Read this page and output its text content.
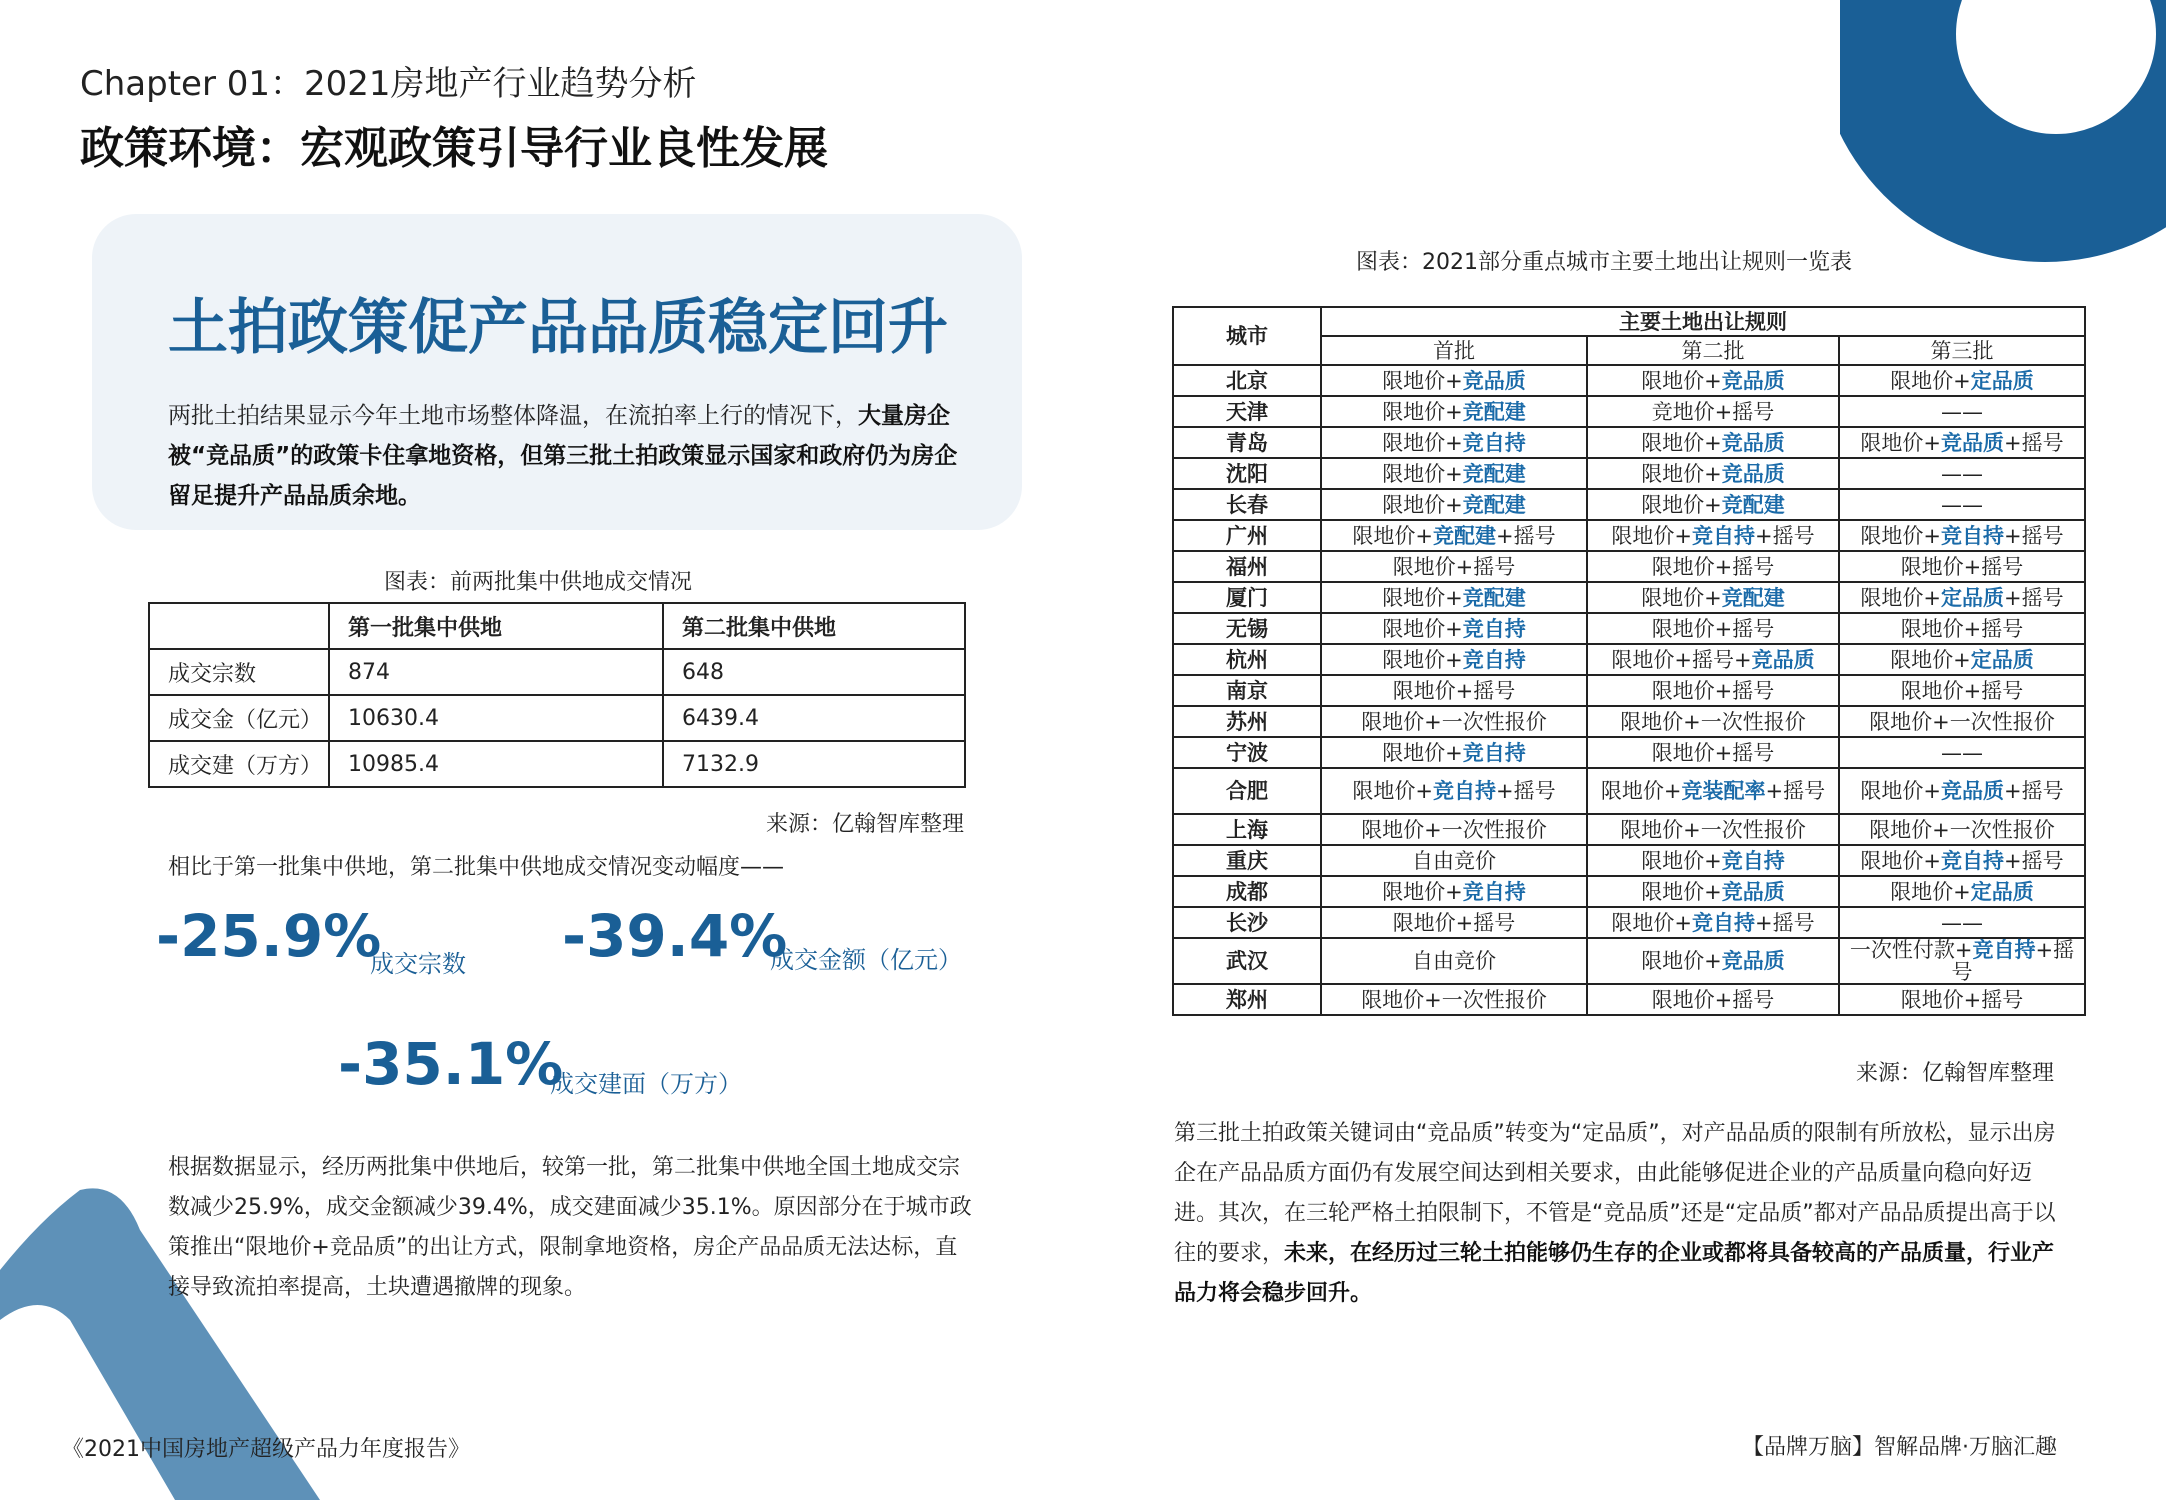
Chapter 01：2021房地产行业趋势分析
政策环境：宏观政策引导行业良性发展
土拍政策促产品品质稳定回升
两批土拍结果显示今年土地市场整体降温，在流拍率上行的情况下，大量房企被“竞品质”的政策卡住拿地资格，但第三批土拍政策显示国家和政府仍为房企留足提升产品品质余地。
图表：前两批集中供地成交情况
	第一批集中供地	第二批集中供地
成交宗数	874	648
成交金（亿元）	10630.4	6439.4
成交建（万方）	10985.4	7132.9
来源：亿翰智库整理
相比于第一批集中供地，第二批集中供地成交情况变动幅度——
-25.9%
成交宗数 -39.4%
成交金额（亿元）
-35.1%
成交建面（万方）
根据数据显示，经历两批集中供地后，较第一批，第二批集中供地全国土地成交宗数减少25.9%，成交金额减少39.4%，成交建面减少35.1%。原因部分在于城市政策推出“限地价+竞品质”的出让方式，限制拿地资格，房企产品品质无法达标，直接导致流拍率提高，土块遭遇撤牌的现象。
图表：2021部分重点城市主要土地出让规则一览表
城市	主要土地出让规则		
	首批	第二批	第三批
北京	限地价+竞品质	限地价+竞品质	限地价+定品质
天津	限地价+竞配建	竞地价+摇号	——
青岛	限地价+竞自持	限地价+竞品质	限地价+竞品质+摇号
沈阳	限地价+竞配建	限地价+竞品质	——
长春	限地价+竞配建	限地价+竞配建	——
广州	限地价+竞配建+摇号	限地价+竞自持+摇号	限地价+竞自持+摇号
福州	限地价+摇号	限地价+摇号	限地价+摇号
厦门	限地价+竞配建	限地价+竞配建	限地价+定品质+摇号
无锡	限地价+竞自持	限地价+摇号	限地价+摇号
杭州	限地价+竞自持	限地价+摇号+竞品质	限地价+定品质
南京	限地价+摇号	限地价+摇号	限地价+摇号
苏州	限地价+一次性报价	限地价+一次性报价	限地价+一次性报价
宁波	限地价+竞自持	限地价+摇号	——
合肥	限地价+竞自持+摇号	限地价+竞装配率+摇号	限地价+竞品质+摇号
上海	限地价+一次性报价	限地价+一次性报价	限地价+一次性报价
重庆	自由竞价	限地价+竞自持	限地价+竞自持+摇号
成都	限地价+竞自持	限地价+竞品质	限地价+定品质
长沙	限地价+摇号	限地价+竞自持+摇号	——
武汉	自由竞价	限地价+竞品质	一次性付款+竞自持+摇号
郑州	限地价+一次性报价	限地价+摇号	限地价+摇号
来源：亿翰智库整理
第三批土拍政策关键词由“竞品质”转变为“定品质”，对产品品质的限制有所放松，显示出房企在产品品质方面仍有发展空间达到相关要求，由此能够促进企业的产品质量向稳向好迈进。其次，在三轮严格土拍限制下，不管是“竞品质”还是“定品质”都对产品品质提出高于以往的要求，未来，在经历过三轮土拍能够仍生存的企业或都将具备较高的产品质量，行业产品力将会稳步回升。
《2021中国房地产超级产品力年度报告》	【品牌万脑】智解品牌·万脑汇趣
